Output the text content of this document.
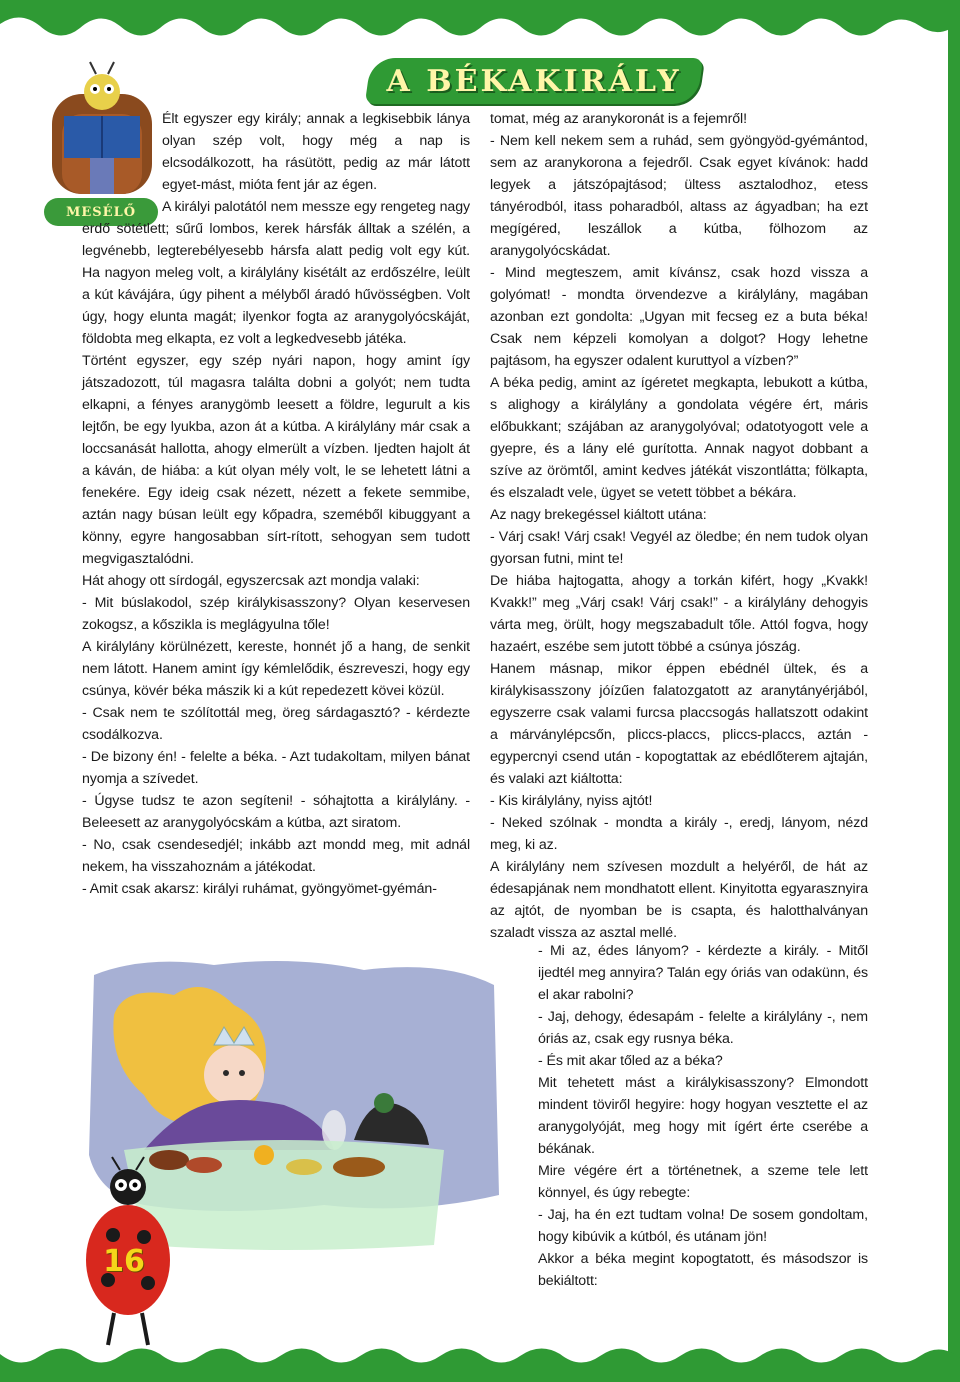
MESÉLŐ
A BÉKAKIRÁLY

Élt egyszer egy király; annak a legkisebbik lánya olyan szép volt, hogy még a nap is elcsodálkozott, ha rásütött, pedig az már látott egyet-mást, mióta fent jár az égen.

A királyi palotától nem messze egy rengeteg nagy erdő sötétlett; sűrű lombos, kerek hársfák álltak a szélén, a legvénebb, legterebélyesebb hársfa alatt pedig volt egy kút. Ha nagyon meleg volt, a királylány kisétált az erdőszélre, leült a kút kávájára, úgy pihent a mélyből áradó hűvösségben. Volt úgy, hogy elunta magát; ilyenkor fogta az aranygolyócskáját, földobta meg elkapta, ez volt a legkedvesebb játéka.

Történt egyszer, egy szép nyári napon, hogy amint így játszadozott, túl magasra találta dobni a golyót; nem tudta elkapni, a fényes aranygömb leesett a földre, legurult a kis lejtőn, be egy lyukba, azon át a kútba. A királylány már csak a loccsanását hallotta, ahogy elmerült a vízben. Ijedten hajolt át a káván, de hiába: a kút olyan mély volt, le se lehetett látni a fenekére. Egy ideig csak nézett, nézett a fekete semmibe, aztán nagy búsan leült egy kőpadra, szeméből kibuggyant a könny, egyre hangosabban sírt-rított, sehogyan sem tudott megvigasztalódni.

Hát ahogy ott sírdogál, egyszercsak azt mondja valaki:

- Mit búslakodol, szép királykisasszony? Olyan keservesen zokogsz, a kőszikla is meglágyulna tőle!

A királylány körülnézett, kereste, honnét jő a hang, de senkit nem látott. Hanem amint így kémlelődik, észreveszi, hogy egy csúnya, kövér béka mászik ki a kút repedezett kövei közül.

- Csak nem te szólítottál meg, öreg sárdagasztó? - kérdezte csodálkozva.

- De bizony én! - felelte a béka. - Azt tudakoltam, milyen bánat nyomja a szívedet.

- Úgyse tudsz te azon segíteni! - sóhajtotta a királylány. - Beleesett az aranygolyócskám a kútba, azt siratom.

- No, csak csendesedjél; inkább azt mondd meg, mit adnál nekem, ha visszahoznám a játékodat.

- Amit csak akarsz: királyi ruhámat, gyöngyömet-gyémán-

tomat, még az aranykoronát is a fejemről!

- Nem kell nekem sem a ruhád, sem gyöngyöd-gyémántod, sem az aranykorona a fejedről. Csak egyet kívánok: hadd legyek a játszópajtásod; ültess asztalodhoz, etess tányérodból, itass poharadból, altass az ágyadban; ha ezt megígéred, leszállok a kútba, fölhozom az aranygolyócskádat.

- Mind megteszem, amit kívánsz, csak hozd vissza a golyómat! - mondta örvendezve a királylány, magában azonban ezt gondolta: „Ugyan mit fecseg ez a buta béka! Csak nem képzeli komolyan a dolgot? Hogy lehetne pajtásom, ha egyszer odalent kuruttyol a vízben?”

A béka pedig, amint az ígéretet megkapta, lebukott a kútba, s alighogy a királylány a gondolata végére ért, máris előbukkant; szájában az aranygolyóval; odatotyogott vele a gyepre, és a lány elé gurította. Annak nagyot dobbant a szíve az örömtől, amint kedves játékát viszontlátta; fölkapta, és elszaladt vele, ügyet se vetett többet a békára.

Az nagy brekegéssel kiáltott utána:

- Várj csak! Várj csak! Vegyél az öledbe; én nem tudok olyan gyorsan futni, mint te!

De hiába hajtogatta, ahogy a torkán kifért, hogy „Kvakk! Kvakk!” meg „Várj csak! Várj csak!” - a királylány dehogyis várta meg, örült, hogy megszabadult tőle. Attól fogva, hogy hazaért, eszébe sem jutott többé a csúnya jószág.

Hanem másnap, mikor éppen ebédnél ültek, és a királykisasszony jóízűen falatozgatott az aranytányérjából, egyszerre csak valami furcsa placcsogás hallatszott odakint a márványlépcsőn, pliccs-placcs, pliccs-placcs, aztán - egypercnyi csend után - kopogtattak az ebédlőterem ajtaján, és valaki azt kiáltotta:

- Kis királylány, nyiss ajtót!

- Neked szólnak - mondta a király -, eredj, lányom, nézd meg, ki az.

A királylány nem szívesen mozdult a helyéről, de hát az édesapjának nem mondhatott ellent. Kinyitotta egyarasznyira az ajtót, de nyomban be is csapta, és halotthalványan szaladt vissza az asztal mellé.

- Mi az, édes lányom? - kérdezte a király. - Mitől ijedtél meg annyira? Talán egy óriás van odakünn, és el akar rabolni?

- Jaj, dehogy, édesapám - felelte a királylány -, nem óriás az, csak egy rusnya béka.

- És mit akar tőled az a béka?

Mit tehetett mást a királykisasszony? Elmondott mindent töviről hegyire: hogy hogyan vesztette el az aranygolyóját, meg hogy mit ígért érte cserébe a békának.

Mire végére ért a történetnek, a szeme tele lett könnyel, és úgy rebegte:

- Jaj, ha én ezt tudtam volna! De sosem gondoltam, hogy kibúvik a kútból, és utánam jön!

Akkor a béka megint kopogtatott, és másodszor is bekiáltott:

16
